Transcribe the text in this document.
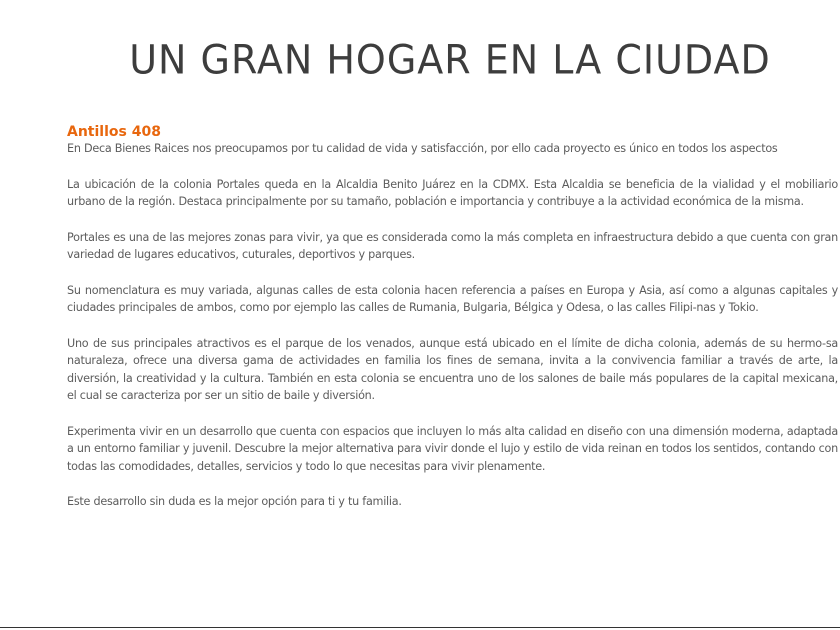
UN GRAN HOGAR EN LA CIUDAD
Antillos 408

En Deca Bienes Raices nos preocupamos por tu calidad de vida y satisfacción, por ello cada proyecto es único en todos los aspectos

La ubicación de la colonia Portales queda en la Alcaldia Benito Juárez en la CDMX. Esta Alcaldia se beneficia de la vialidad y el mobiliario urbano de la región. Destaca principalmente por su tamaño, población e importancia y contribuye a la actividad económica de la misma.

Portales es una de las mejores zonas para vivir, ya que es considerada como la más completa en infraestructura debido a que cuenta con gran variedad de lugares educativos, cuturales, deportivos y parques.

Su nomenclatura es muy variada, algunas calles de esta colonia hacen referencia a países en Europa y Asia, así como a algunas capitales y ciudades principales de ambos, como por ejemplo las calles de Rumania, Bulgaria, Bélgica y Odesa, o las calles Filipi-nas y Tokio.

Uno de sus principales atractivos es el parque de los venados, aunque está ubicado en el límite de dicha colonia, además de su hermo-sa naturaleza, ofrece una diversa gama de actividades en familia los fines de semana, invita a la convivencia familiar a través de arte, la diversión, la creatividad y la cultura. También en esta colonia se encuentra uno de los salones de baile más populares de la capital mexicana, el cual se caracteriza por ser un sitio de baile y diversión.

Experimenta vivir en un desarrollo que cuenta con espacios que incluyen lo más alta calidad en diseño con una dimensión moderna, adaptada a un entorno familiar y juvenil. Descubre la mejor alternativa para vivir donde el lujo y estilo de vida reinan en todos los sentidos, contando con todas las comodidades, detalles, servicios y todo lo que necesitas para vivir plenamente.

Este desarrollo sin duda es la mejor opción para ti y tu familia.
